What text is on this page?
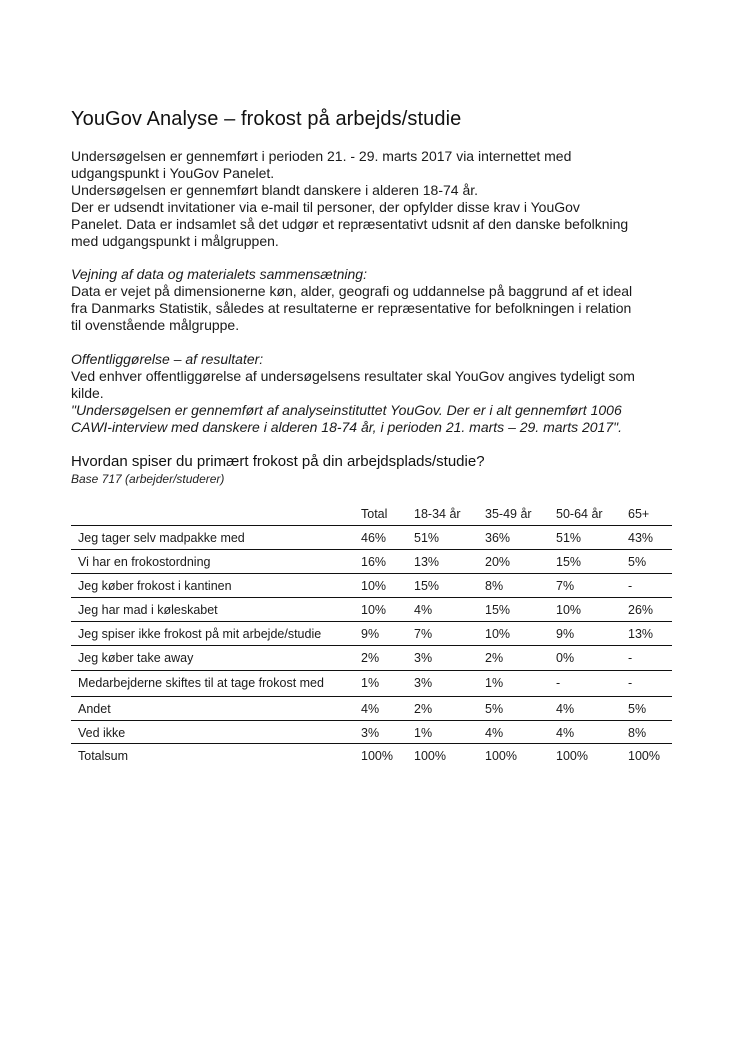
YouGov Analyse – frokost på arbejds/studie
Undersøgelsen er gennemført i perioden 21. - 29. marts 2017 via internettet med
udgangspunkt i YouGov Panelet.
Undersøgelsen er gennemført blandt danskere i alderen 18-74 år.
Der er udsendt invitationer via e-mail til personer, der opfylder disse krav i YouGov
Panelet. Data er indsamlet så det udgør et repræsentativt udsnit af den danske befolkning
med udgangspunkt i målgruppen.
Vejning af data og materialets sammensætning:
Data er vejet på dimensionerne køn, alder, geografi og uddannelse på baggrund af et ideal
fra Danmarks Statistik, således at resultaterne er repræsentative for befolkningen i relation
til ovenstående målgruppe.
Offentliggørelse – af resultater:
Ved enhver offentliggørelse af undersøgelsens resultater skal YouGov angives tydeligt som
kilde.
"Undersøgelsen er gennemført af analyseinstituttet YouGov. Der er i alt gennemført 1006
CAWI-interview med danskere i alderen 18-74 år, i perioden 21. marts – 29. marts 2017".
Hvordan spiser du primært frokost på din arbejdsplads/studie?
Base 717 (arbejder/studerer)
Total 18-34 år 35-49 år 50-64 år 65+
Jeg tager selv madpakke med	46% 51%	36%	51%	43%
Vi har en frokostordning	16% 13%	20%	15%	5%
Jeg køber frokost i kantinen	10% 15%	8%	7%	-
Jeg har mad i køleskabet	10% 4%	15%	10%	26%
Jeg spiser ikke frokost på mit arbejde/studie	9%	7%	10%	9%	13%
Jeg køber take away	2%	3%	2%	0%	-
Medarbejderne skiftes til at tage frokost med	1%	3%	1%	-	-
Andet	4%	2%	5%	4%	5%
Ved ikke	3%	1%	4%	4%	8%
Totalsum	100% 100%	100%	100%	100%
